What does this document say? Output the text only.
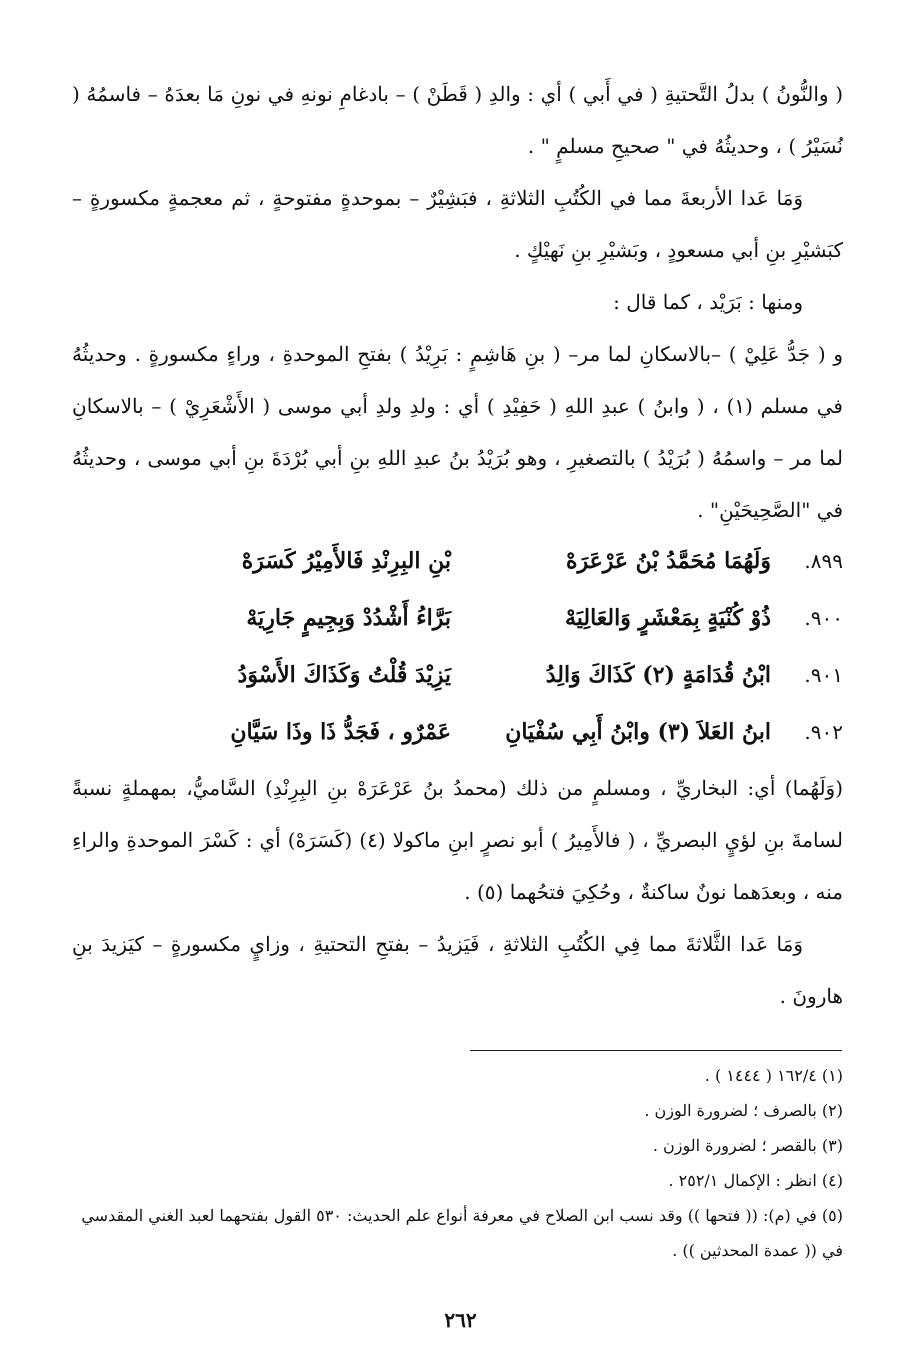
( والنُّونُ ) بدلُ التَّحتيةِ ( في أَبي ) أي : والدِ ( قَطَنْ ) – بادغامِ نونهِ في نونِ مَا بعدَهُ – فاسمُهُ ( نُسَيْرُ ) ، وحديثُهُ في " صحيحِ مسلمٍ " .

وَمَا عَدا الأربعةَ مما في الكُتُبِ الثلاثةِ ، فبَشِيْرٌ – بموحدةٍ مفتوحةٍ ، ثم معجمةٍ مكسورةٍ – كبَشيْرِ بنِ أبي مسعودٍ ، وبَشيْرِ بنِ نَهيْكٍ .

ومنها : بَرَيْد ، كما قال :

و ( جَدُّ عَلِيْ ) –بالاسكانِ لما مر– ( بنِ هَاشِمٍ : بَرِيْدُ ) بفتحِ الموحدةِ ، وراءٍ مكسورةٍ . وحديثُهُ في مسلم (١) ، ( وابنُ ) عبدِ اللهِ ( حَفِيْدِ ) أي : ولدِ ولدِ أبي موسى ( الأَشْعَرِيْ ) – بالاسكانِ لما مر – واسمُهُ ( بُرَيْدُ ) بالتصغيرِ ، وهو بُرَيْدُ بنُ عبدِ اللهِ بنِ أبي بُرْدَةَ بنِ أبي موسى ، وحديثُهُ في "الصَّحِيحَيْنِ" .

٨٩٩.
وَلَهُمَا مُحَمَّدُ بْنُ عَرْعَرَهْ
بْنِ البِرِنْدِ فَالأَمِيْرُ كَسَرَهْ
٩٠٠.
ذُوْ كُنْيَةٍ بِمَعْشَرٍ وَالعَالِيَهْ
بَرَّاءُ أَشْدُدْ وَبِجِيمٍ جَارِيَهْ
٩٠١.
ابْنُ قُدَامَةٍ (٢) كَذَاكَ وَالِدُ
يَزِيْدَ قُلْتُ وَكَذَاكَ الأَسْوَدُ
٩٠٢.
ابنُ العَلاَ (٣) وابْنُ أَبِي سُفْيَانِ
عَمْرٌو ، فَجَدُّ ذَا وذَا سَيَّانِ

(وَلَهُما) أي: البخاريِّ ، ومسلمٍ من ذلك (محمدُ بنُ عَرْعَرَهْ بنِ البِرِنْدِ) السَّاميُّ، بمهملةٍ نسبةً لسامةَ بنِ لؤيٍ البصريِّ ، ( فالأَمِيرُ ) أبو نصرٍ ابنِ ماكولا (٤) (كَسَرَهْ) أي : كَسْرَ الموحدةِ والراءِ منه ، وبعدَهما نونٌ ساكنةٌ ، وحُكِيَ فتحُهما (٥) .

وَمَا عَدا الثَّلاثةَ مما فِي الكُتُبِ الثلاثةِ ، فَيَزيدُ – بفتحِ التحتيةِ ، وزايٍ مكسورةٍ – كيَزيدَ بنِ هارونَ .

(١) ١٦٢/٤ ( ١٤٤٤ ) .

(٢) بالصرف ؛ لضرورة الوزن .

(٣) بالقصر ؛ لضرورة الوزن .

(٤) انظر : الإكمال ٢٥٢/١ .

(٥) في (م): (( فتحها )) وقد نسب ابن الصلاح في معرفة أنواع علم الحديث: ٥٣٠ القول بفتحهما لعبد الغني المقدسي في (( عمدة المحدثين )) .

٢٦٢
